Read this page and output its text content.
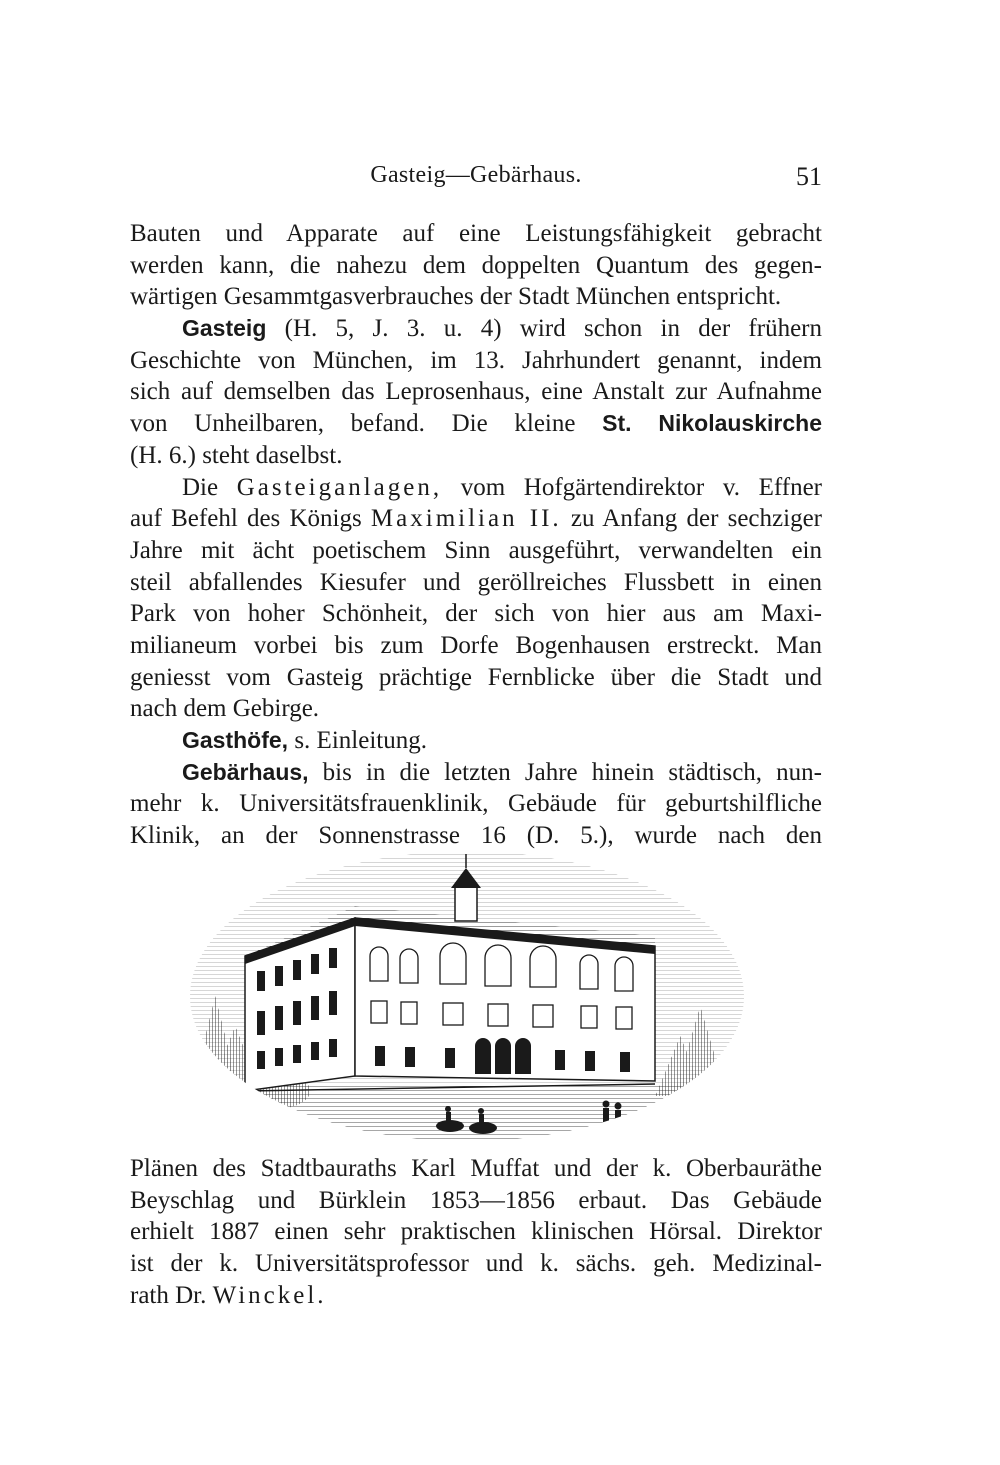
Gasteig—Gebärhaus.	51
Bauten und Apparate auf eine Leistungsfähigkeit gebracht
werden kann, die nahezu dem doppelten Quantum des gegen-
wärtigen Gesammtgasverbrauches der Stadt München entspricht.
Gasteig (H. 5, J. 3. u. 4) wird schon in der frühern
Geschichte von München, im 13. Jahrhundert genannt, indem
sich auf demselben das Leprosenhaus, eine Anstalt zur Aufnahme
von Unheilbaren, befand. Die kleine St. Nikolauskirche
(H. 6.) steht daselbst.
Die Gasteiganlagen, vom Hofgärtendirektor v. Effner
auf Befehl des Königs Maximilian II. zu Anfang der sechziger
Jahre mit ächt poetischem Sinn ausgeführt, verwandelten ein
steil abfallendes Kiesufer und geröllreiches Flussbett in einen
Park von hoher Schönheit, der sich von hier aus am Maxi-
milianeum vorbei bis zum Dorfe Bogenhausen erstreckt. Man
geniesst vom Gasteig prächtige Fernblicke über die Stadt und
nach dem Gebirge.
Gasthöfe, s. Einleitung.
Gebärhaus, bis in die letzten Jahre hinein städtisch, nun-
mehr k. Universitätsfrauenklinik, Gebäude für geburtshilfliche
Klinik, an der Sonnenstrasse 16 (D. 5.), wurde nach den
Plänen des Stadtbauraths Karl Muffat und der k. Oberbauräthe
Beyschlag und Bürklein 1853—1856 erbaut. Das Gebäude
erhielt 1887 einen sehr praktischen klinischen Hörsal. Direktor
ist der k. Universitätsprofessor und k. sächs. geh. Medizinal-
rath Dr. Winckel.
